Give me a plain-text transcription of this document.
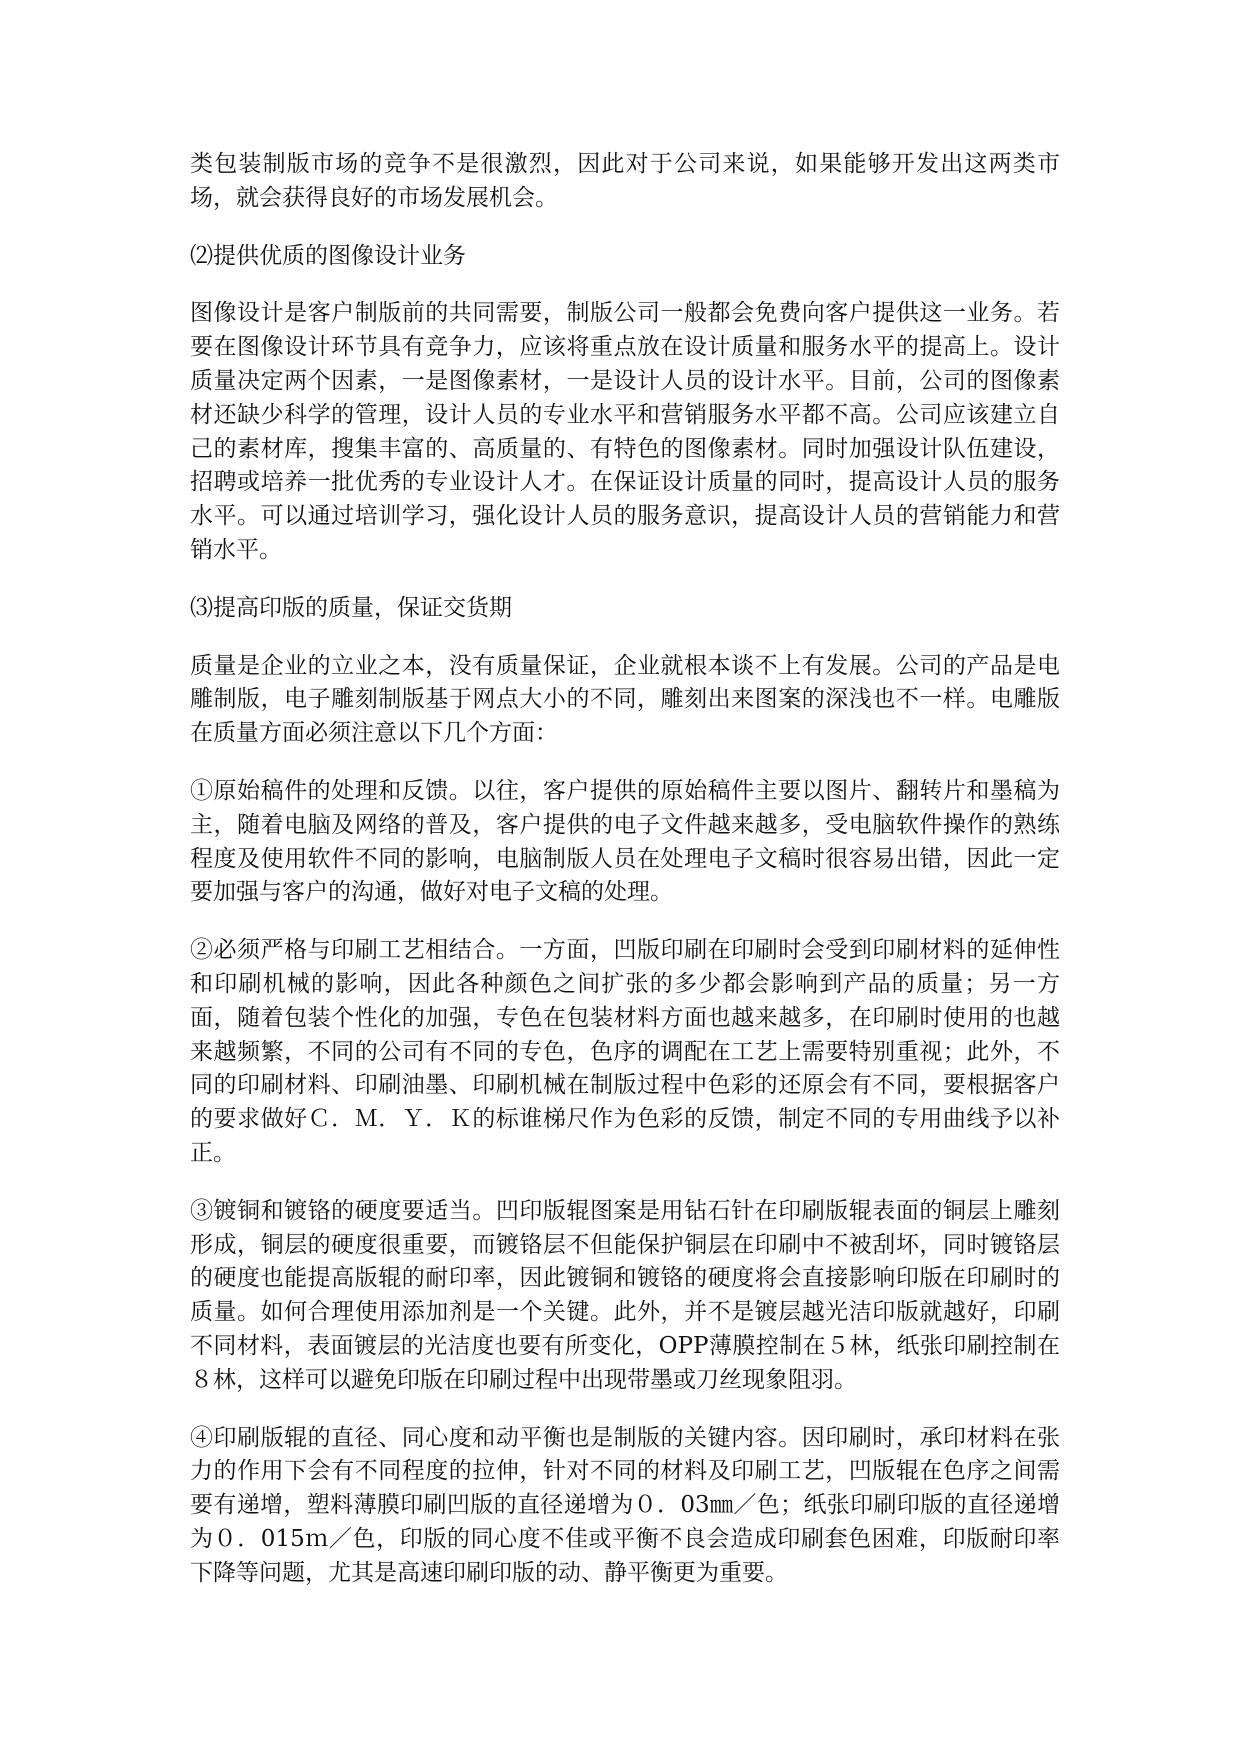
类包装制版市场的竞争不是很激烈，因此对于公司来说，如果能够开发出这两类市场，就会获得良好的市场发展机会。

⑵提供优质的图像设计业务

图像设计是客户制版前的共同需要，制版公司一般都会免费向客户提供这一业务。若要在图像设计环节具有竞争力，应该将重点放在设计质量和服务水平的提高上。设计质量决定两个因素，一是图像素材，一是设计人员的设计水平。目前，公司的图像素材还缺少科学的管理，设计人员的专业水平和营销服务水平都不高。公司应该建立自己的素材库，搜集丰富的、高质量的、有特色的图像素材。同时加强设计队伍建设，招聘或培养一批优秀的专业设计人才。在保证设计质量的同时，提高设计人员的服务水平。可以通过培训学习，强化设计人员的服务意识，提高设计人员的营销能力和营销水平。

⑶提高印版的质量，保证交货期

质量是企业的立业之本，没有质量保证，企业就根本谈不上有发展。公司的产品是电雕制版，电子雕刻制版基于网点大小的不同，雕刻出来图案的深浅也不一样。电雕版在质量方面必须注意以下几个方面：

①原始稿件的处理和反馈。以往，客户提供的原始稿件主要以图片、翻转片和墨稿为主，随着电脑及网络的普及，客户提供的电子文件越来越多，受电脑软件操作的熟练程度及使用软件不同的影响，电脑制版人员在处理电子文稿时很容易出错，因此一定要加强与客户的沟通，做好对电子文稿的处理。

②必须严格与印刷工艺相结合。一方面，凹版印刷在印刷时会受到印刷材料的延伸性和印刷机械的影响，因此各种颜色之间扩张的多少都会影响到产品的质量；另一方面，随着包装个性化的加强，专色在包装材料方面也越来越多，在印刷时使用的也越来越频繁，不同的公司有不同的专色，色序的调配在工艺上需要特别重视；此外，不同的印刷材料、印刷油墨、印刷机械在制版过程中色彩的还原会有不同，要根据客户的要求做好Ｃ．Ｍ．Ｙ．Ｋ的标谁梯尺作为色彩的反馈，制定不同的专用曲线予以补正。

③镀铜和镀铬的硬度要适当。凹印版辊图案是用钻石针在印刷版辊表面的铜层上雕刻形成，铜层的硬度很重要，而镀铬层不但能保护铜层在印刷中不被刮坏，同时镀铬层的硬度也能提高版辊的耐印率，因此镀铜和镀铬的硬度将会直接影响印版在印刷时的质量。如何合理使用添加剂是一个关键。此外，并不是镀层越光洁印版就越好，印刷不同材料，表面镀层的光洁度也要有所变化，OPP薄膜控制在５林，纸张印刷控制在８林，这样可以避免印版在印刷过程中出现带墨或刀丝现象阻羽。

④印刷版辊的直径、同心度和动平衡也是制版的关键内容。因印刷时，承印材料在张力的作用下会有不同程度的拉伸，针对不同的材料及印刷工艺，凹版辊在色序之间需要有递增，塑料薄膜印刷凹版的直径递增为０．03㎜／色；纸张印刷印版的直径递增为０．015ｍ／色，印版的同心度不佳或平衡不良会造成印刷套色困难，印版耐印率下降等问题，尤其是高速印刷印版的动、静平衡更为重要。
